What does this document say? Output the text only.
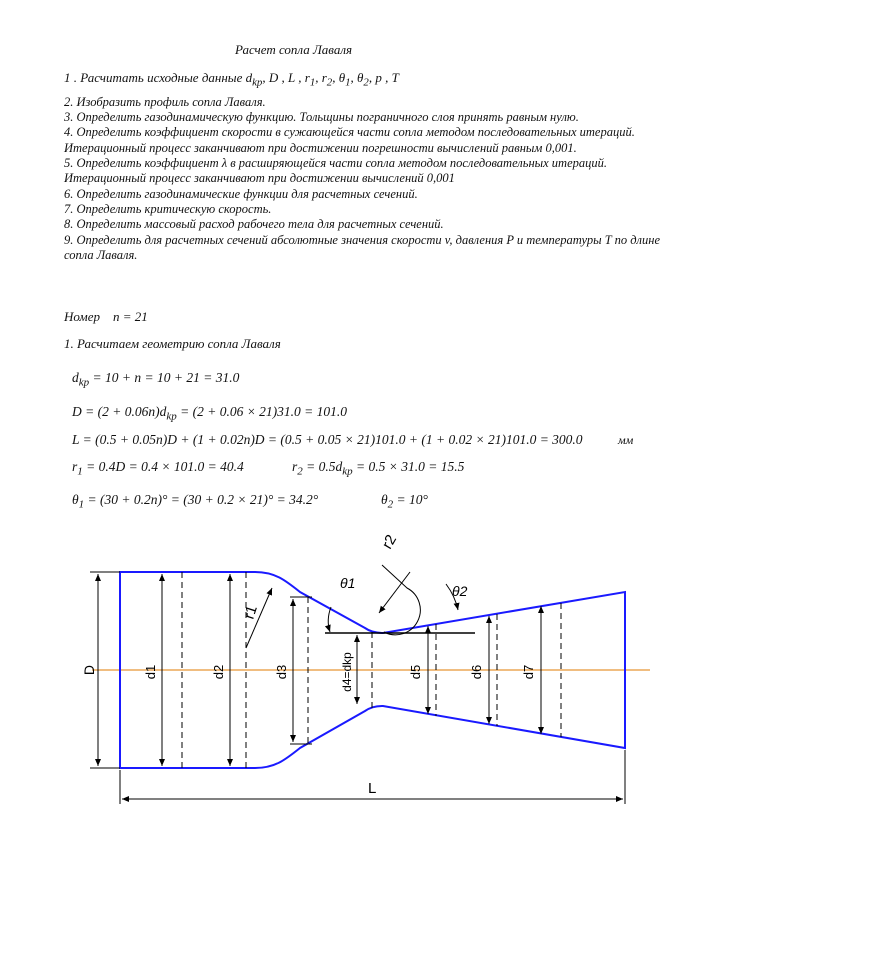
Расчет сопла Лаваля

1 . Расчитать исходные данные $d_{kp}$, D , L , $r_1$, $r_2$, $\theta_1$, $\theta_2$, p , T

2. Изобразить профиль сопла Лаваля.

3. Определить газодинамическую функцию. Тольщины пограничного слоя принять равным нулю.

4. Определить коэффициент скорости в сужающейся части сопла методом последовательных итераций. Итерационный процесс заканчивают при достижении погрешности вычислений равным 0,001.

5. Определить коэффициент λ в расширяющейся части сопла методом последовательных итераций. Итерационный процесс заканчивают при достижении вычислений 0,001

6. Определить газодинамические функции для расчетных сечений.

7. Определить критическую скорость.

8. Определить массовый расход рабочего тела для расчетных сечений.

9. Определить для расчетных сечений абсолютные значения скорости v, давления P и температуры T по длине сопла Лаваля.

Номер n = 21
1. Расчитаем геометрию сопла Лаваля
$d_{kp} = 10 + n = 10 + 21 = 31.0$
$D = (2 + 0.06n)d_{kp} = (2 + 0.06 \times 21)31.0 = 101.0$
L = (0.5 + 0.05n)D + (1 + 0.02n)D = (0.5 + 0.05 × 21)101.0 + (1 + 0.02 × 21)101.0 = 300.0	мм
$r_1 = 0.4D = 0.4 \times 101.0 = 40.4$	$r_2 = 0.5d_{kp} = 0.5 \times 31.0 = 15.5$
$\theta_1 = (30 + 0.2n)^\circ = (30 + 0.2 \times 21)^\circ = 34.2^\circ$	$\theta_2 = 10^\circ$
D	d1	d2	d3	d4=dkp	d5	d6	d7
r1
r2
θ1	θ2
L
